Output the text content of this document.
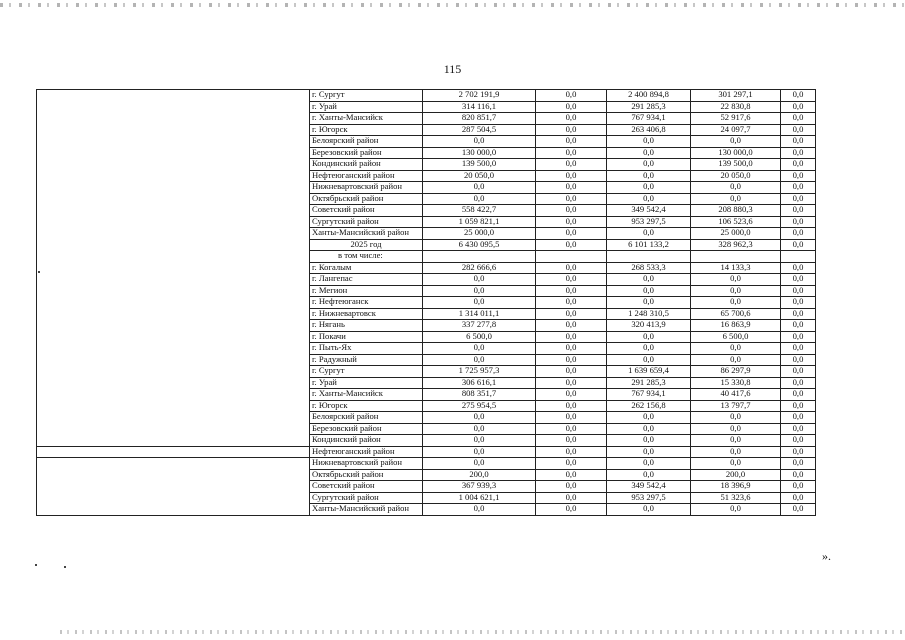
115
	г. Сургут	2 702 191,9	0,0	2 400 894,8	301 297,1	0,0
	г. Урай	314 116,1	0,0	291 285,3	22 830,8	0,0
	г. Ханты-Мансийск	820 851,7	0,0	767 934,1	52 917,6	0,0
	г. Югорск	287 504,5	0,0	263 406,8	24 097,7	0,0
	Белоярский район	0,0	0,0	0,0	0,0	0,0
	Березовский район	130 000,0	0,0	0,0	130 000,0	0,0
	Кондинский район	139 500,0	0,0	0,0	139 500,0	0,0
	Нефтеюганский район	20 050,0	0,0	0,0	20 050,0	0,0
	Нижневартовский район	0,0	0,0	0,0	0,0	0,0
	Октябрьский район	0,0	0,0	0,0	0,0	0,0
	Советский район	558 422,7	0,0	349 542,4	208 880,3	0,0
	Сургутский район	1 059 821,1	0,0	953 297,5	106 523,6	0,0
	Ханты-Мансийский район	25 000,0	0,0	0,0	25 000,0	0,0
	2025 год	6 430 095,5	0,0	6 101 133,2	328 962,3	0,0
	в том числе:					
	г. Когалым	282 666,6	0,0	268 533,3	14 133,3	0,0
	г. Лангепас	0,0	0,0	0,0	0,0	0,0
	г. Мегион	0,0	0,0	0,0	0,0	0,0
	г. Нефтеюганск	0,0	0,0	0,0	0,0	0,0
	г. Нижневартовск	1 314 011,1	0,0	1 248 310,5	65 700,6	0,0
	г. Нягань	337 277,8	0,0	320 413,9	16 863,9	0,0
	г. Покачи	6 500,0	0,0	0,0	6 500,0	0,0
	г. Пыть-Ях	0,0	0,0	0,0	0,0	0,0
	г. Радужный	0,0	0,0	0,0	0,0	0,0
	г. Сургут	1 725 957,3	0,0	1 639 659,4	86 297,9	0,0
	г. Урай	306 616,1	0,0	291 285,3	15 330,8	0,0
	г. Ханты-Мансийск	808 351,7	0,0	767 934,1	40 417,6	0,0
	г. Югорск	275 954,5	0,0	262 156,8	13 797,7	0,0
	Белоярский район	0,0	0,0	0,0	0,0	0,0
	Березовский район	0,0	0,0	0,0	0,0	0,0
	Кондинский район	0,0	0,0	0,0	0,0	0,0
	Нефтеюганский район	0,0	0,0	0,0	0,0	0,0
	Нижневартовский район	0,0	0,0	0,0	0,0	0,0
	Октябрьский район	200,0	0,0	0,0	200,0	0,0
	Советский район	367 939,3	0,0	349 542,4	18 396,9	0,0
	Сургутский район	1 004 621,1	0,0	953 297,5	51 323,6	0,0
	Ханты-Мансийский район	0,0	0,0	0,0	0,0	0,0
».
